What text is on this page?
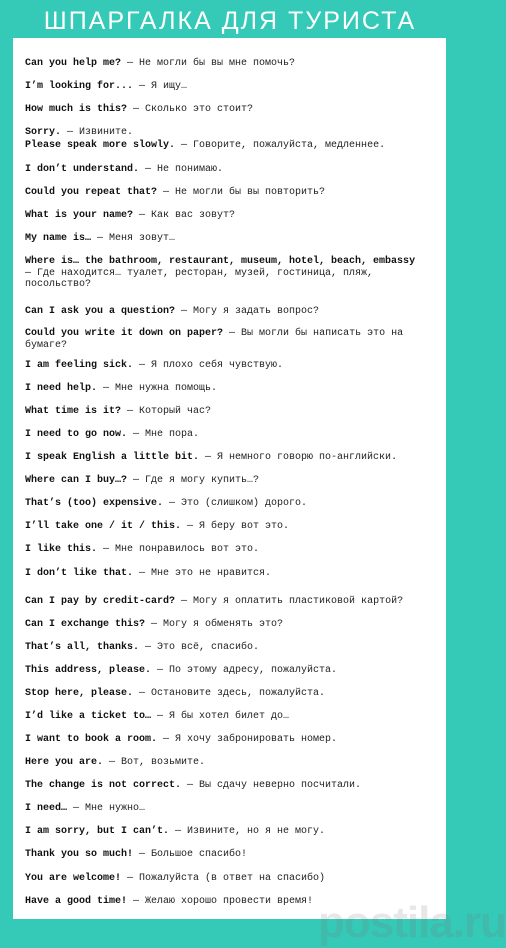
ШПАРГАЛКА ДЛЯ ТУРИСТА
Can you help me? — Не могли бы вы мне помочь?
I’m looking for... — Я ищу…
How much is this? — Сколько это стоит?
Sorry. — Извините.
Please speak more slowly. — Говорите, пожалуйста, медленнее.
I don’t understand. — Не понимаю.
Could you repeat that? — Не могли бы вы повторить?
What is your name? — Как вас зовут?
My name is… — Меня зовут…
Where is… the bathroom, restaurant, museum, hotel, beach, embassy — Где находится… туалет, ресторан, музей, гостиница, пляж, посольство?
Can I ask you a question? — Могу я задать вопрос?
Could you write it down on paper? — Вы могли бы написать это на бумаге?
I am feeling sick. — Я плохо себя чувствую.
I need help. — Мне нужна помощь.
What time is it? — Который час?
I need to go now. — Мне пора.
I speak English a little bit. — Я немного говорю по-английски.
Where can I buy…? — Где я могу купить…?
That’s (too) expensive. — Это (слишком) дорого.
I’ll take one / it / this. — Я беру вот это.
I like this. — Мне понравилось вот это.
I don’t like that. — Мне это не нравится.
Can I pay by credit-card? — Могу я оплатить пластиковой картой?
Can I exchange this? — Могу я обменять это?
That’s all, thanks. — Это всё, спасибо.
This address, please. — По этому адресу, пожалуйста.
Stop here, please. — Остановите здесь, пожалуйста.
I’d like a ticket to… — Я бы хотел билет до…
I want to book a room. — Я хочу забронировать номер.
Here you are. — Вот, возьмите.
The change is not correct. — Вы сдачу неверно посчитали.
I need… — Мне нужно…
I am sorry, but I can’t. — Извините, но я не могу.
Thank you so much! — Большое спасибо!
You are welcome! — Пожалуйста (в ответ на спасибо)
Have a good time! — Желаю хорошо провести время! postila.ru
